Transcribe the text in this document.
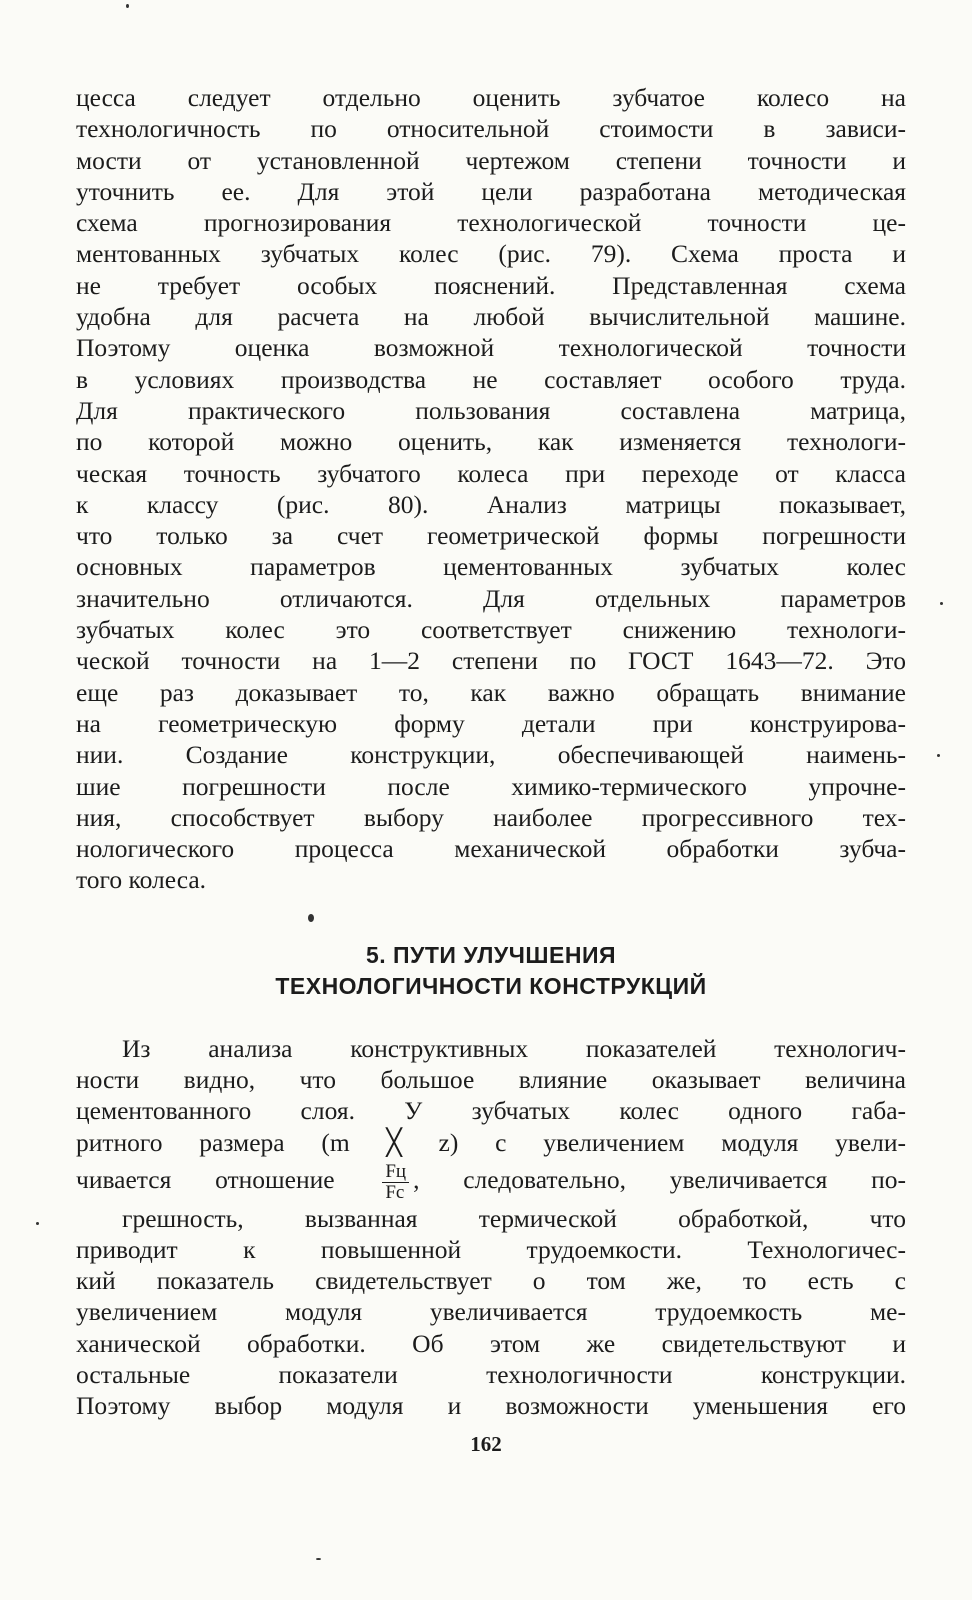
цесса следует отдельно оценить зубчатое колесо на
технологичность по относительной стоимости в зависи-
мости от установленной чертежом степени точности и
уточнить ее. Для этой цели разработана методическая
схема прогнозирования технологической точности це-
ментованных зубчатых колес (рис. 79). Схема проста и
не требует особых пояснений. Представленная схема
удобна для расчета на любой вычислительной машине.
Поэтому оценка возможной технологической точности
в условиях производства не составляет особого труда.
Для практического пользования составлена матрица,
по которой можно оценить, как изменяется технологи-
ческая точность зубчатого колеса при переходе от класса
к классу (рис. 80). Анализ матрицы показывает,
что только за счет геометрической формы погрешности
основных параметров цементованных зубчатых колес
значительно отличаются. Для отдельных параметров
зубчатых колес это соответствует снижению технологи-
ческой точности на 1—2 степени по ГОСТ 1643—72. Это
еще раз доказывает то, как важно обращать внимание
на геометрическую форму детали при конструирова-
нии. Создание конструкции, обеспечивающей наимень-
шие погрешности после химико-термического упрочне-
ния, способствует выбору наиболее прогрессивного тех-
нологического процесса механической обработки зубча-
того колеса.
5. ПУТИ УЛУЧШЕНИЯ
ТЕХНОЛОГИЧНОСТИ КОНСТРУКЦИЙ
Из анализа конструктивных показателей технологич-
ности видно, что большое влияние оказывает величина
цементованного слоя. У зубчатых колес одного габа-
ритного размера (m ╳ z) с увеличением модуля увели-
чивается отношение	$\frac{Fц}{Fс}$ , следовательно, увеличивается по-
грешность, вызванная термической обработкой, что
приводит к повышенной трудоемкости. Технологичес-
кий показатель свидетельствует о том же, то есть с
увеличением модуля увеличивается трудоемкость ме-
ханической обработки. Об этом же свидетельствуют и
остальные показатели технологичности конструкции.
Поэтому выбор модуля и возможности уменьшения его
162
